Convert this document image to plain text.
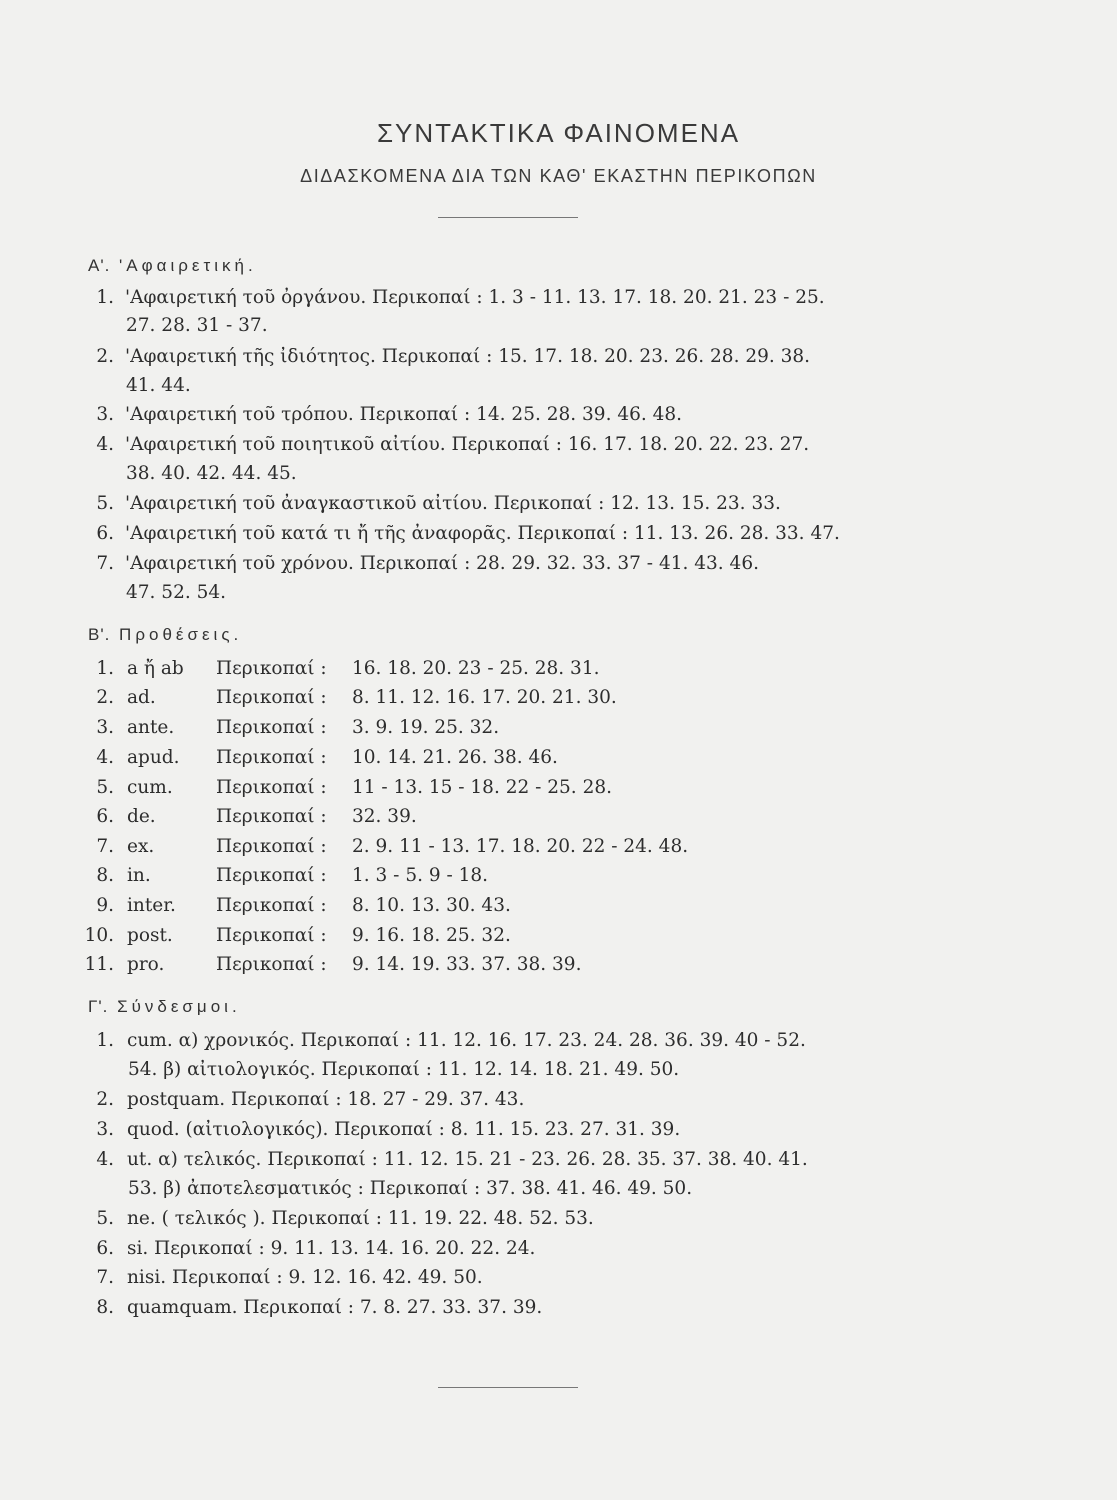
ΣΥΝΤΑΚΤΙΚΑ ΦΑΙΝΟΜΕΝΑ
ΔΙΔΑΣΚΟΜΕΝΑ ΔΙΑ ΤΩΝ ΚΑΘ' ΕΚΑΣΤΗΝ ΠΕΡΙΚΟΠΩΝ
Α'. 'Αφαιρετική.
1. 'Αφαιρετική τοῦ ὀργάνου. Περικοπαί : 1. 3 - 11. 13. 17. 18. 20. 21. 23 - 25.
27. 28. 31 - 37.
2. 'Αφαιρετική τῆς ἰδιότητος. Περικοπαί : 15. 17. 18. 20. 23. 26. 28. 29. 38.
41. 44.
3. 'Αφαιρετική τοῦ τρόπου. Περικοπαί : 14. 25. 28. 39. 46. 48.
4. 'Αφαιρετική τοῦ ποιητικοῦ αἰτίου. Περικοπαί : 16. 17. 18. 20. 22. 23. 27.
38. 40. 42. 44. 45.
5. 'Αφαιρετική τοῦ ἀναγκαστικοῦ αἰτίου. Περικοπαί : 12. 13. 15. 23. 33.
6. 'Αφαιρετική τοῦ κατά τι ἤ τῆς ἀναφορᾶς. Περικοπαί : 11. 13. 26. 28. 33. 47.
7. 'Αφαιρετική τοῦ χρόνου. Περικοπαί : 28. 29. 32. 33. 37 - 41. 43. 46.
47. 52. 54.
Β'. Προθέσεις.
1. a ἤ ab Περικοπαί : 16. 18. 20. 23 - 25. 28. 31.
2. ad.	Περικοπαί : 8. 11. 12. 16. 17. 20. 21. 30.
3. ante. Περικοπαί : 3. 9. 19. 25. 32.
4. apud. Περικοπαί : 10. 14. 21. 26. 38. 46.
5. cum. Περικοπαί : 11 - 13. 15 - 18. 22 - 25. 28.
6. de.	Περικοπαί : 32. 39.
7. ex.	Περικοπαί : 2. 9. 11 - 13. 17. 18. 20. 22 - 24. 48.
8. in.	Περικοπαί : 1. 3 - 5. 9 - 18.
9. inter. Περικοπαί : 8. 10. 13. 30. 43.
10. post. Περικοπαί : 9. 16. 18. 25. 32.
11. pro.	Περικοπαί : 9. 14. 19. 33. 37. 38. 39.
Γ'. Σύνδεσμοι.
1. cum. α) χρονικός. Περικοπαί : 11. 12. 16. 17. 23. 24. 28. 36. 39. 40 - 52.
54. β) αἰτιολογικός. Περικοπαί : 11. 12. 14. 18. 21. 49. 50.
2. postquam. Περικοπαί : 18. 27 - 29. 37. 43.
3. quod. (αἰτιολογικός). Περικοπαί : 8. 11. 15. 23. 27. 31. 39.
4. ut. α) τελικός. Περικοπαί : 11. 12. 15. 21 - 23. 26. 28. 35. 37. 38. 40. 41.
53. β) ἀποτελεσματικός : Περικοπαί : 37. 38. 41. 46. 49. 50.
5. ne. ( τελικός ). Περικοπαί : 11. 19. 22. 48. 52. 53.
6. si. Περικοπαί : 9. 11. 13. 14. 16. 20. 22. 24.
7. nisi. Περικοπαί : 9. 12. 16. 42. 49. 50.
8. quamquam. Περικοπαί : 7. 8. 27. 33. 37. 39.
